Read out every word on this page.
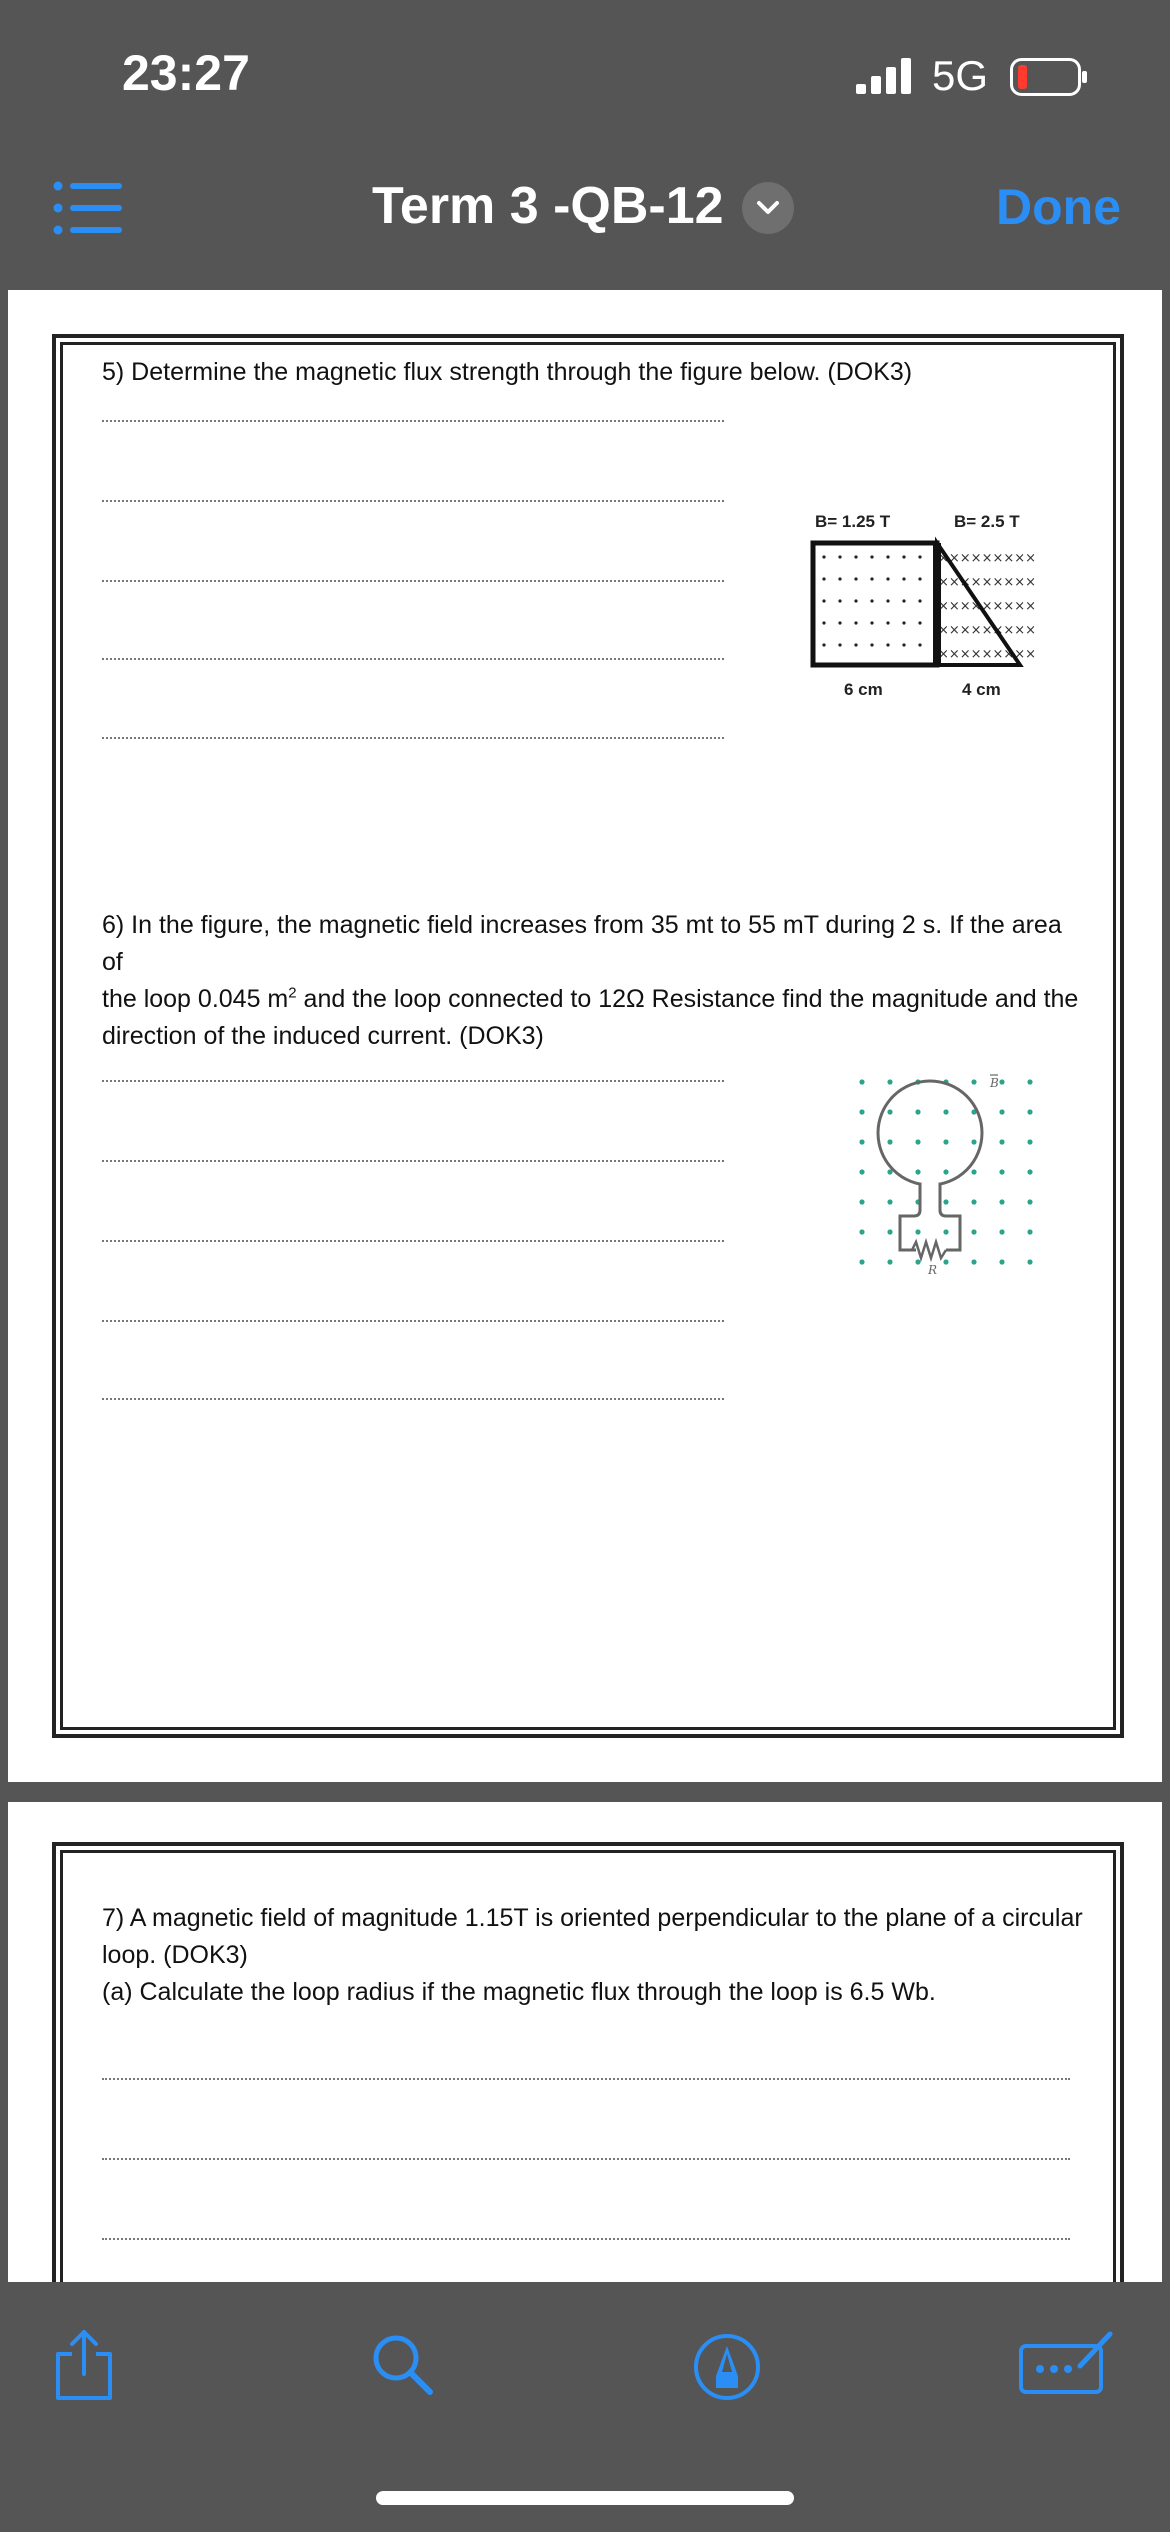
23:27	5G
Term 3 -QB-12	Done
5) Determine the magnetic flux strength through the figure below. (DOK3)
B= 1.25 T	B= 2.5 T
×××××××××
×××××××××
×××××××××
×××××××××
×××××××××
6 cm	4 cm
6) In the figure, the magnetic field increases from 35 mt to 55 mT during 2 s. If the area of
the loop 0.045 $m^2$ and the loop connected to 12Ω Resistance find the magnitude and the
direction of the induced current. (DOK3)
R
B
7) A magnetic field of magnitude 1.15T is oriented perpendicular to the plane of a circular
loop. (DOK3)
(a) Calculate the loop radius if the magnetic flux through the loop is 6.5 Wb.
